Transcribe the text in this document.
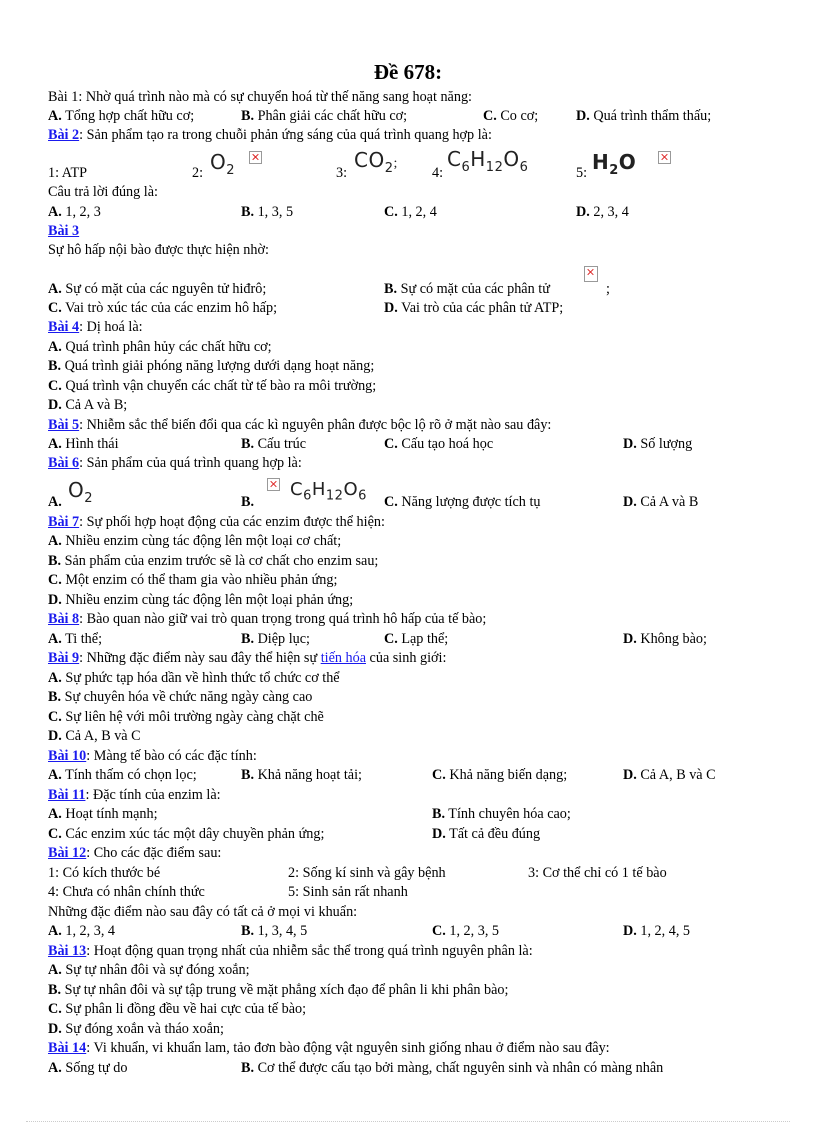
Đề 678:
Bài 1: Nhờ quá trình nào mà có sự chuyển hoá từ thế năng sang hoạt năng:
A. Tổng hợp chất hữu cơ;	B. Phân giải các chất hữu cơ;	C. Co cơ;	D. Quá trình thẩm thấu;
Bài 2: Sản phẩm tạo ra trong chuỗi phản ứng sáng của quá trình quang hợp là:
1: ATP	2: $O_2$	3:
$CO_2$;
4:
$C_6H_{12}O_6$	5: $H_2O$
Câu trả lời đúng là:
A. 1, 2, 3	B. 1, 3, 5	C. 1, 2, 4	D. 2, 3, 4
Bài 3
Sự hô hấp nội bào được thực hiện nhờ:
A. Sự có mặt của các nguyên tử hiđrô;	B. Sự có mặt của các phân tử	;
C. Vai trò xúc tác của các enzim hô hấp;	D. Vai trò của các phân tử ATP;
Bài 4: Dị hoá là:
A. Quá trình phân hủy các chất hữu cơ;
B. Quá trình giải phóng năng lượng dưới dạng hoạt năng;
C. Quá trình vận chuyển các chất từ tế bào ra môi trường;
D. Cả A và B;
Bài 5: Nhiễm sắc thể biến đổi qua các kì nguyên phân được bộc lộ rõ ở mặt nào sau đây:
A. Hình thái	B. Cấu trúc	C. Cấu tạo hoá học	D. Số lượng
Bài 6: Sản phẩm của quá trình quang hợp là:
A. $O_2$	B.
$C_6H_{12}O_6$ C. Năng lượng được tích tụ	D. Cả A và B
Bài 7: Sự phối hợp hoạt động của các enzim được thể hiện:
A. Nhiều enzim cùng tác động lên một loại cơ chất;
B. Sản phẩm của enzim trước sẽ là cơ chất cho enzim sau;
C. Một enzim có thể tham gia vào nhiều phản ứng;
D. Nhiều enzim cùng tác động lên một loại phản ứng;
Bài 8: Bào quan nào giữ vai trò quan trọng trong quá trình hô hấp của tế bào;
A. Ti thể;	B. Diệp lục;	C. Lạp thể;	D. Không bào;
Bài 9: Những đặc điểm này sau đây thể hiện sự tiến hóa của sinh giới:
A. Sự phức tạp hóa dần về hình thức tổ chức cơ thể
B. Sự chuyên hóa về chức năng ngày càng cao
C. Sự liên hệ với môi trường ngày càng chặt chẽ
D. Cả A, B và C
Bài 10: Màng tế bào có các đặc tính:
A. Tính thấm có chọn lọc;	B. Khả năng hoạt tải;	C. Khả năng biến dạng;	D. Cả A, B và C
Bài 11: Đặc tính của enzim là:
A. Hoạt tính mạnh;	B. Tính chuyên hóa cao;
C. Các enzim xúc tác một dây chuyền phản ứng;	D. Tất cả đều đúng
Bài 12: Cho các đặc điểm sau:
1: Có kích thước bé	2: Sống kí sinh và gây bệnh	3: Cơ thể chỉ có 1 tế bào
4: Chưa có nhân chính thức	5: Sinh sản rất nhanh
Những đặc điểm nào sau đây có tất cả ở mọi vi khuẩn:
A. 1, 2, 3, 4	B. 1, 3, 4, 5	C. 1, 2, 3, 5	D. 1, 2, 4, 5
Bài 13: Hoạt động quan trọng nhất của nhiễm sắc thể trong quá trình nguyên phân là:
A. Sự tự nhân đôi và sự đóng xoắn;
B. Sự tự nhân đôi và sự tập trung về mặt phẳng xích đạo để phân li khi phân bào;
C. Sự phân li đồng đều về hai cực của tế bào;
D. Sự đóng xoắn và tháo xoắn;
Bài 14: Vi khuẩn, vi khuẩn lam, tảo đơn bào động vật nguyên sinh giống nhau ở điểm nào sau đây:
A. Sống tự do	B. Cơ thể được cấu tạo bởi màng, chất nguyên sinh và nhân có màng nhân
